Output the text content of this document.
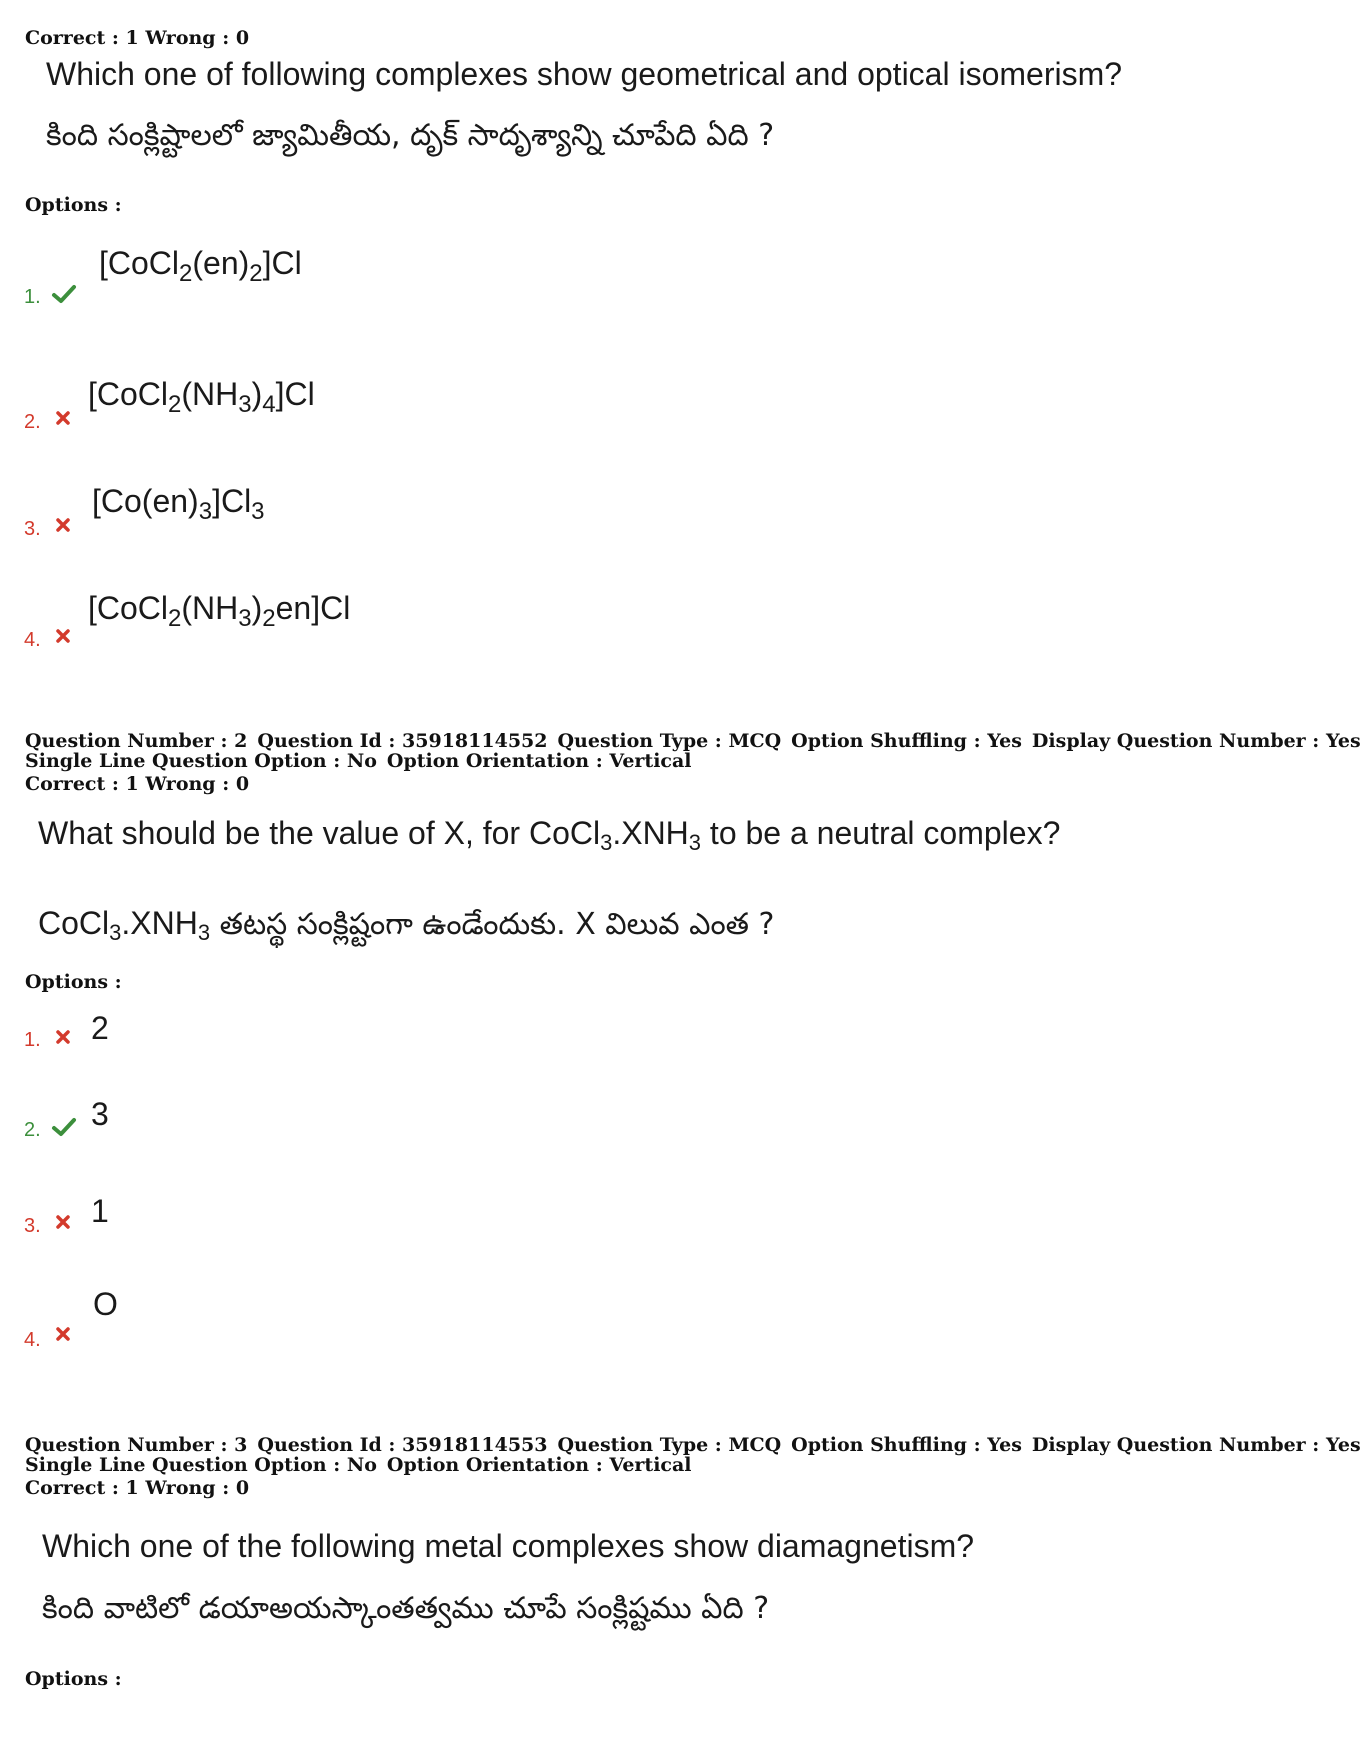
Correct : 1 Wrong : 0
Which one of following complexes show geometrical and optical isomerism?
కింది సంక్లిష్టాలలో జ్యామితీయ, దృక్ సాదృశ్యాన్ని చూపేది ఏది ?
Options :
1.
$[CoCl_2(en)_2]Cl$
2.
$[CoCl_2(NH_3)_4]Cl$
3.
$[Co(en)_3]Cl_3$
4.
$[CoCl_2(NH_3)_2en]Cl$
Question Number : 2 Question Id : 35918114552 Question Type : MCQ Option Shuffling : Yes Display Question Number : Yes
Single Line Question Option : No Option Orientation : Vertical
Correct : 1 Wrong : 0
What should be the value of X, for $CoCl_3.XNH_3$ to be a neutral complex?
$CoCl_3.XNH_3$ తటస్థ సంక్లిష్టంగా ఉండేందుకు. X విలువ ఎంత ?
Options :
1. 2
2. 3
3. 1
4.
O
Question Number : 3 Question Id : 35918114553 Question Type : MCQ Option Shuffling : Yes Display Question Number : Yes
Single Line Question Option : No Option Orientation : Vertical
Correct : 1 Wrong : 0
Which one of the following metal complexes show diamagnetism?
కింది వాటిలో డయాఅయస్కాంతత్వము చూపే సంక్లిష్టము ఏది ?
Options :
